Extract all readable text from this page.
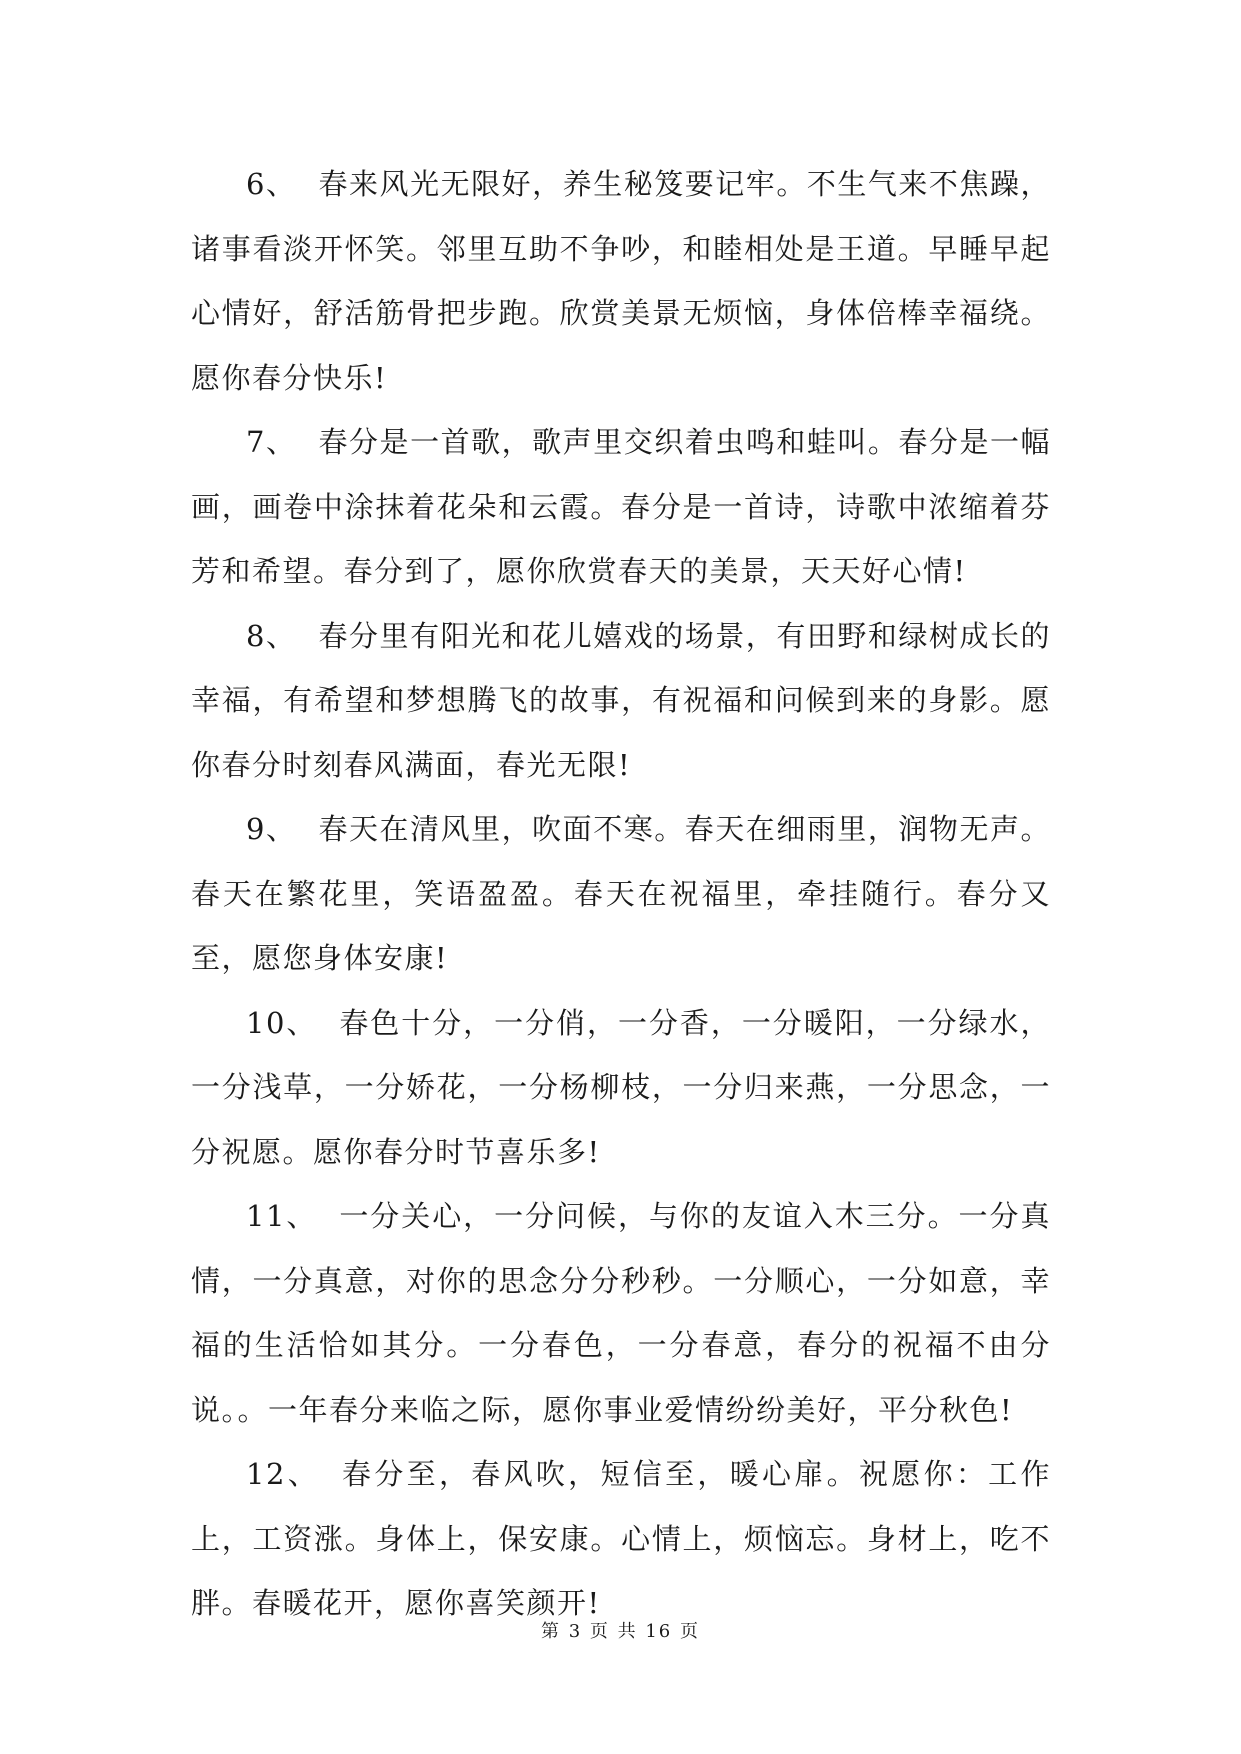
6、 春来风光无限好，养生秘笈要记牢。不生气来不焦躁，诸事看淡开怀笑。邻里互助不争吵，和睦相处是王道。早睡早起心情好，舒活筋骨把步跑。欣赏美景无烦恼，身体倍棒幸福绕。愿你春分快乐!

7、 春分是一首歌，歌声里交织着虫鸣和蛙叫。春分是一幅画，画卷中涂抹着花朵和云霞。春分是一首诗，诗歌中浓缩着芬芳和希望。春分到了，愿你欣赏春天的美景，天天好心情!

8、 春分里有阳光和花儿嬉戏的场景，有田野和绿树成长的幸福，有希望和梦想腾飞的故事，有祝福和问候到来的身影。愿你春分时刻春风满面，春光无限!

9、 春天在清风里，吹面不寒。春天在细雨里，润物无声。春天在繁花里，笑语盈盈。春天在祝福里，牵挂随行。春分又至，愿您身体安康!

10、 春色十分，一分俏，一分香，一分暖阳，一分绿水，一分浅草，一分娇花，一分杨柳枝，一分归来燕，一分思念，一分祝愿。愿你春分时节喜乐多!

11、 一分关心，一分问候，与你的友谊入木三分。一分真情，一分真意，对你的思念分分秒秒。一分顺心，一分如意，幸福的生活恰如其分。一分春色，一分春意，春分的祝福不由分说。。一年春分来临之际，愿你事业爱情纷纷美好，平分秋色!

12、 春分至，春风吹，短信至，暖心扉。祝愿你：工作上，工资涨。身体上，保安康。心情上，烦恼忘。身材上，吃不胖。春暖花开，愿你喜笑颜开!

第 3 页 共 16 页
